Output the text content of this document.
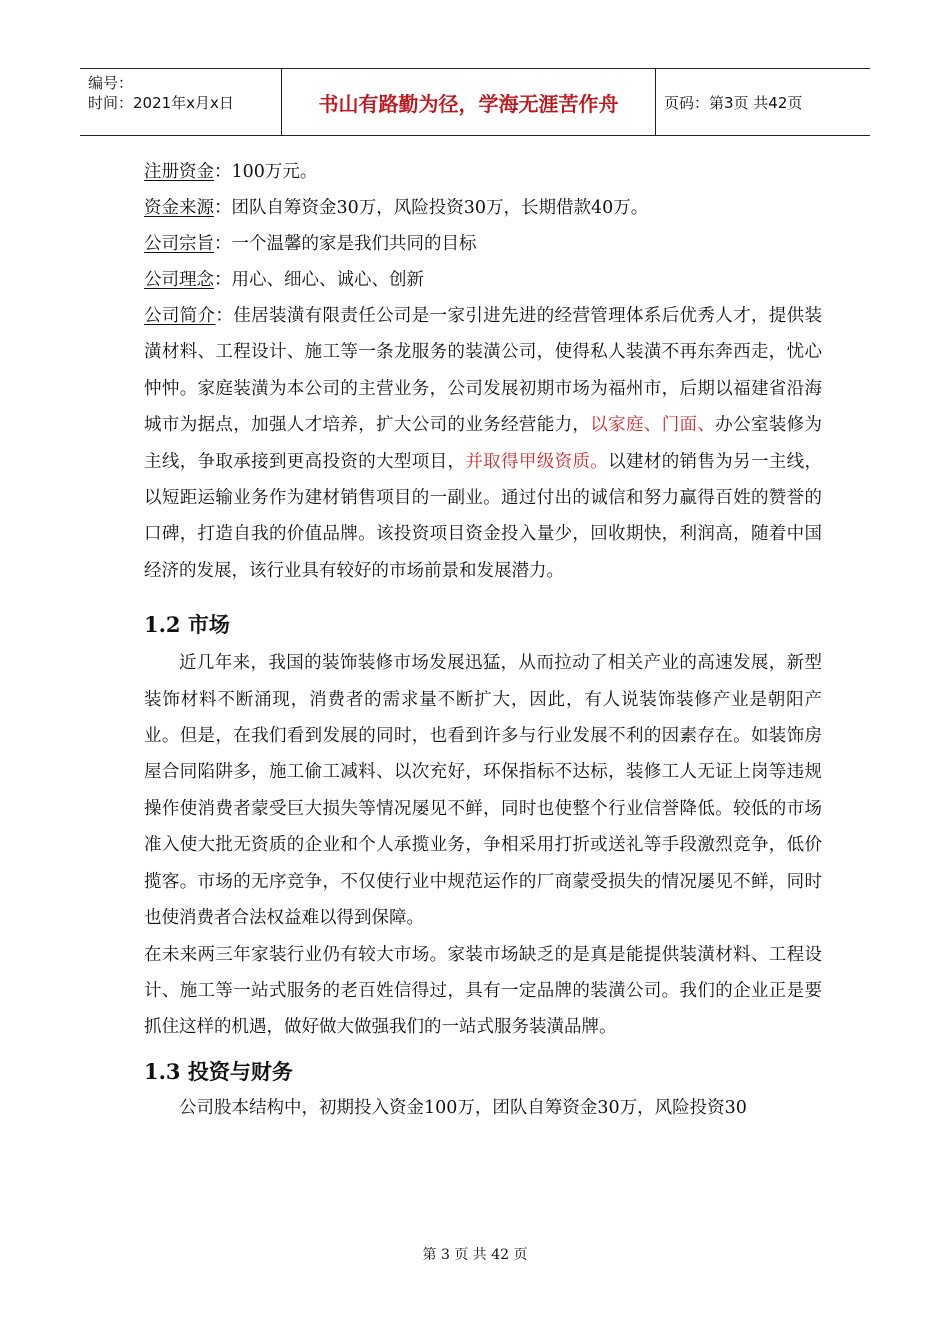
编号：
时间：2021年x月x日	书山有路勤为径，学海无涯苦作舟	页码：第3页 共42页

注册资金：100万元。

资金来源：团队自筹资金30万，风险投资30万，长期借款40万。

公司宗旨：一个温馨的家是我们共同的目标

公司理念：用心、细心、诚心、创新

公司简介：佳居装潢有限责任公司是一家引进先进的经营管理体系后优秀人才，提供装潢材料、工程设计、施工等一条龙服务的装潢公司，使得私人装潢不再东奔西走，忧心忡忡。家庭装潢为本公司的主营业务，公司发展初期市场为福州市，后期以福建省沿海城市为据点，加强人才培养，扩大公司的业务经营能力，以家庭、门面、办公室装修为主线，争取承接到更高投资的大型项目，并取得甲级资质。以建材的销售为另一主线，以短距运输业务作为建材销售项目的一副业。通过付出的诚信和努力赢得百姓的赞誉的口碑，打造自我的价值品牌。该投资项目资金投入量少，回收期快，利润高，随着中国经济的发展，该行业具有较好的市场前景和发展潜力。

1.2 市场

近几年来，我国的装饰装修市场发展迅猛，从而拉动了相关产业的高速发展，新型装饰材料不断涌现，消费者的需求量不断扩大，因此，有人说装饰装修产业是朝阳产业。但是，在我们看到发展的同时，也看到许多与行业发展不利的因素存在。如装饰房屋合同陷阱多，施工偷工减料、以次充好，环保指标不达标，装修工人无证上岗等违规操作使消费者蒙受巨大损失等情况屡见不鲜，同时也使整个行业信誉降低。较低的市场准入使大批无资质的企业和个人承揽业务，争相采用打折或送礼等手段激烈竞争，低价揽客。市场的无序竞争，不仅使行业中规范运作的厂商蒙受损失的情况屡见不鲜，同时也使消费者合法权益难以得到保障。

在未来两三年家装行业仍有较大市场。家装市场缺乏的是真是能提供装潢材料、工程设计、施工等一站式服务的老百姓信得过，具有一定品牌的装潢公司。我们的企业正是要抓住这样的机遇，做好做大做强我们的一站式服务装潢品牌。

1.3 投资与财务

公司股本结构中，初期投入资金100万，团队自筹资金30万，风险投资30

第 3 页 共 42 页
